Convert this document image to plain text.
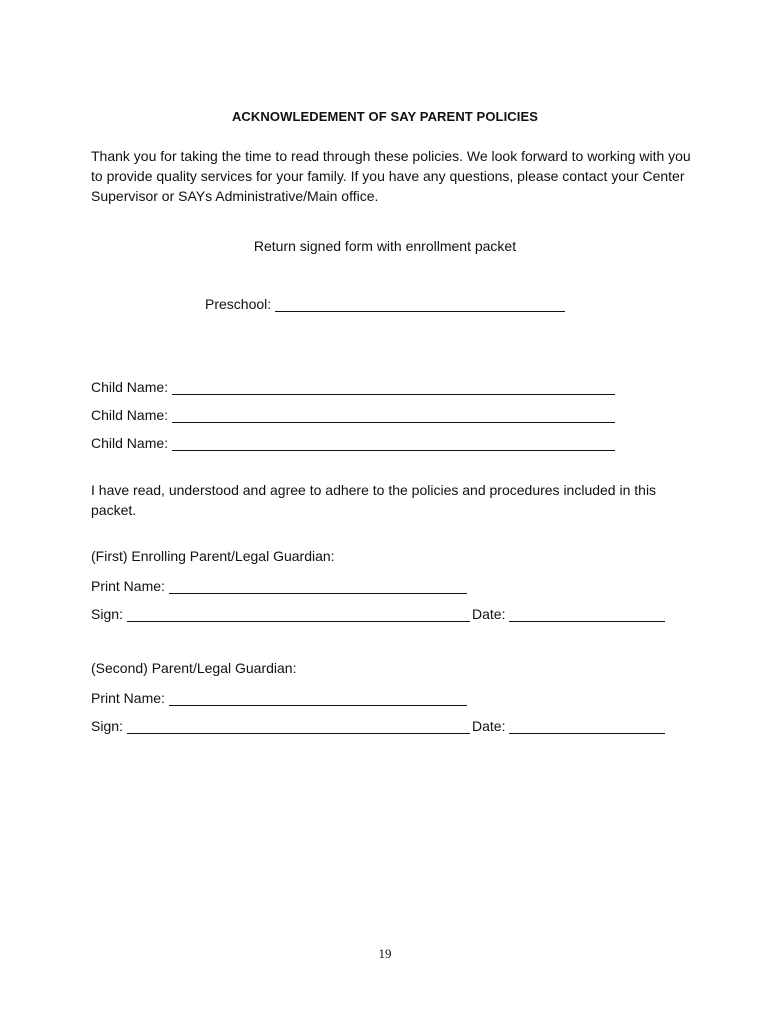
ACKNOWLEDEMENT OF SAY PARENT POLICIES
Thank you for taking the time to read through these policies. We look forward to working with you to provide quality services for your family. If you have any questions, please contact your Center Supervisor or SAYs Administrative/Main office.
Return signed form with enrollment packet
Preschool:
Child Name:
Child Name:
Child Name:
I have read, understood and agree to adhere to the policies and procedures included in this packet.
(First) Enrolling Parent/Legal Guardian:
Print Name:
Sign:	Date:
(Second) Parent/Legal Guardian:
Print Name:
Sign:	Date:
19
